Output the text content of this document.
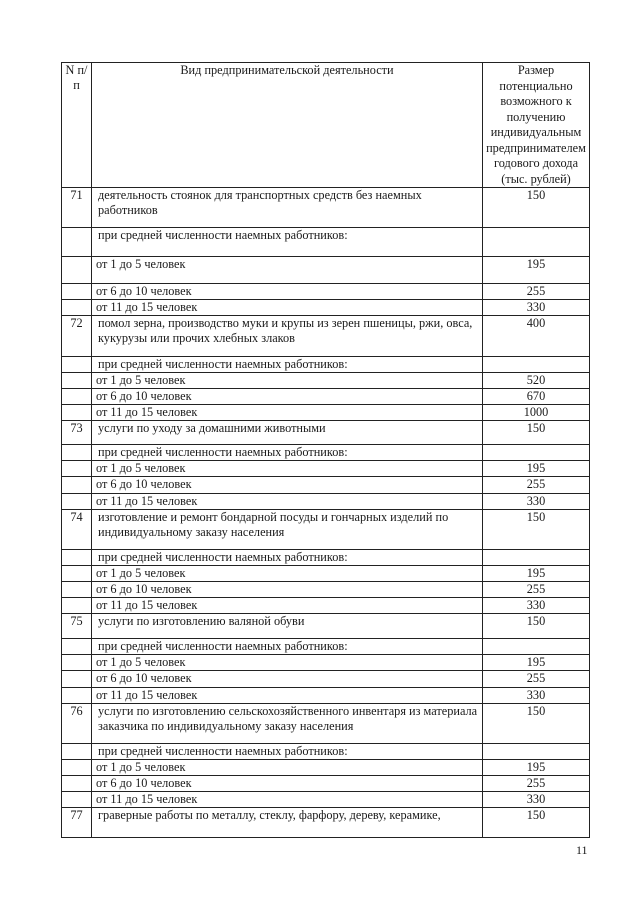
N п/п	Вид предпринимательской деятельности	Размер потенциально возможного к получению индивидуальным предпринимателем годового дохода (тыс. рублей)
71	деятельность стоянок для транспортных средств без наемных работников	150
	при средней численности наемных работников:	
	от 1 до 5 человек	195
	от 6 до 10 человек	255
	от 11 до 15 человек	330
72	помол зерна, производство муки и крупы из зерен пшеницы, ржи, овса, кукурузы или прочих хлебных злаков	400
	при средней численности наемных работников:	
	от 1 до 5 человек	520
	от 6 до 10 человек	670
	от 11 до 15 человек	1000
73	услуги по уходу за домашними животными	150
	при средней численности наемных работников:	
	от 1 до 5 человек	195
	от 6 до 10 человек	255
	от 11 до 15 человек	330
74	изготовление и ремонт бондарной посуды и гончарных изделий по индивидуальному заказу населения	150
	при средней численности наемных работников:	
	от 1 до 5 человек	195
	от 6 до 10 человек	255
	от 11 до 15 человек	330
75	услуги по изготовлению валяной обуви	150
	при средней численности наемных работников:	
	от 1 до 5 человек	195
	от 6 до 10 человек	255
	от 11 до 15 человек	330
76	услуги по изготовлению сельскохозяйственного инвентаря из материала заказчика по индивидуальному заказу населения	150
	при средней численности наемных работников:	
	от 1 до 5 человек	195
	от 6 до 10 человек	255
	от 11 до 15 человек	330
77	граверные работы по металлу, стеклу, фарфору, дереву, керамике,	150
11
